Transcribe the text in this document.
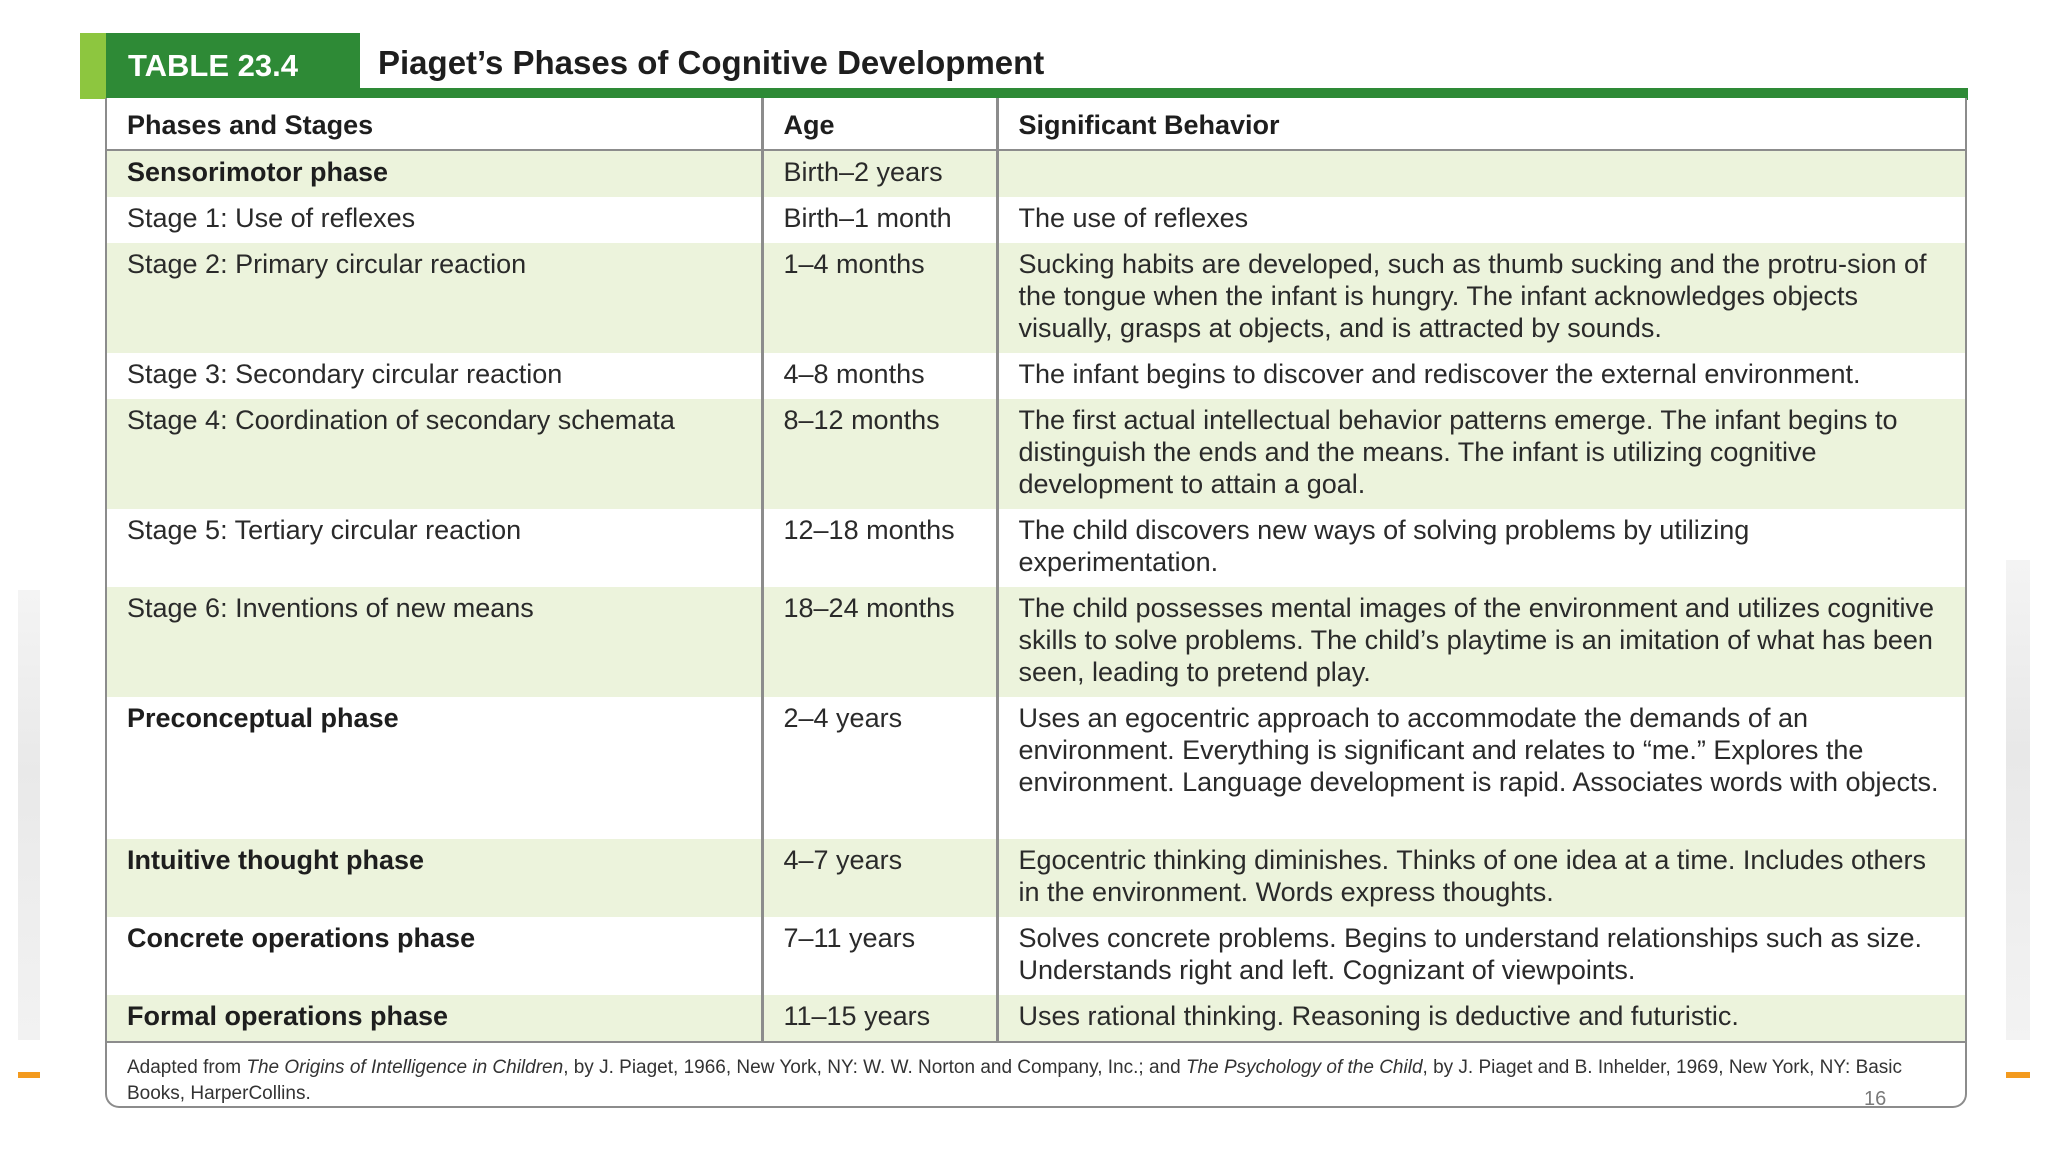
TABLE 23.4 Piaget’s Phases of Cognitive Development
Phases and Stages	Age	Significant Behavior
Sensorimotor phase	Birth–2 years	
Stage 1: Use of reflexes	Birth–1 month	The use of reflexes
Stage 2: Primary circular reaction	1–4 months	Sucking habits are developed, such as thumb sucking and the protru-sion of the tongue when the infant is hungry. The infant acknowledges objects visually, grasps at objects, and is attracted by sounds.
Stage 3: Secondary circular reaction	4–8 months	The infant begins to discover and rediscover the external environment.
Stage 4: Coordination of secondary schemata	8–12 months	The first actual intellectual behavior patterns emerge. The infant begins to distinguish the ends and the means. The infant is utilizing cognitive development to attain a goal.
Stage 5: Tertiary circular reaction	12–18 months	The child discovers new ways of solving problems by utilizing experimentation.
Stage 6: Inventions of new means	18–24 months	The child possesses mental images of the environment and utilizes cognitive skills to solve problems. The child’s playtime is an imitation of what has been seen, leading to pretend play.
Preconceptual phase	2–4 years	Uses an egocentric approach to accommodate the demands of an environment. Everything is significant and relates to “me.” Explores the environment. Language development is rapid. Associates words with objects.
Intuitive thought phase	4–7 years	Egocentric thinking diminishes. Thinks of one idea at a time. Includes others in the environment. Words express thoughts.
Concrete operations phase	7–11 years	Solves concrete problems. Begins to understand relationships such as size. Understands right and left. Cognizant of viewpoints.
Formal operations phase	11–15 years	Uses rational thinking. Reasoning is deductive and futuristic.
Adapted from The Origins of Intelligence in Children, by J. Piaget, 1966, New York, NY: W. W. Norton and Company, Inc.; and The Psychology of the Child, by J. Piaget and B. Inhelder, 1969, New York, NY: Basic Books, HarperCollins.	16
